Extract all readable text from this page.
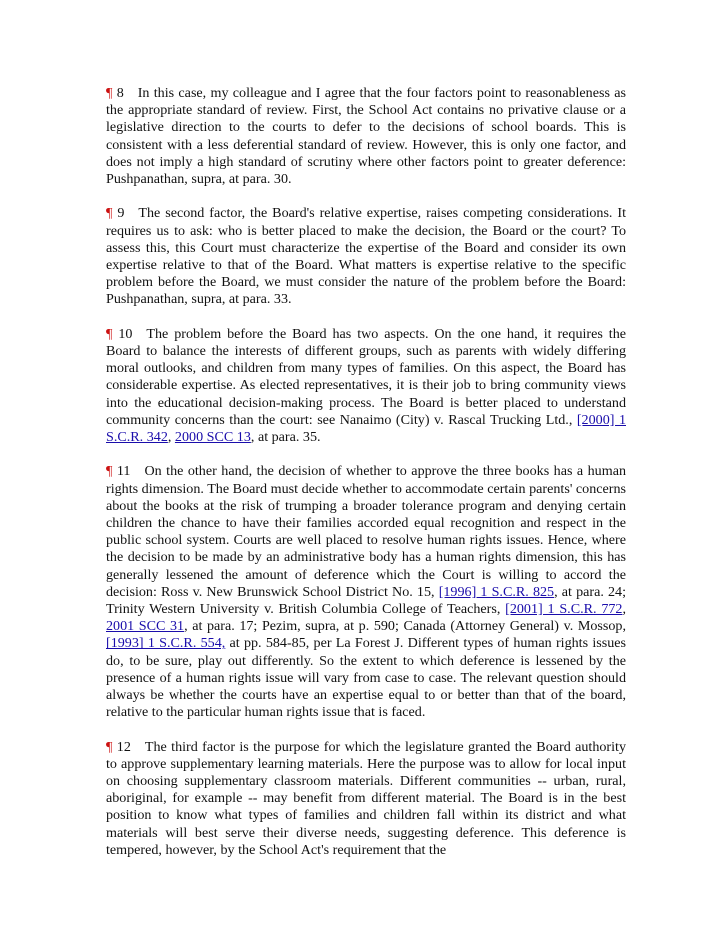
¶ 8 In this case, my colleague and I agree that the four factors point to reasonableness as the appropriate standard of review. First, the School Act contains no privative clause or a legislative direction to the courts to defer to the decisions of school boards. This is consistent with a less deferential standard of review. However, this is only one factor, and does not imply a high standard of scrutiny where other factors point to greater deference: Pushpanathan, supra, at para. 30.

¶ 9 The second factor, the Board's relative expertise, raises competing considerations. It requires us to ask: who is better placed to make the decision, the Board or the court? To assess this, this Court must characterize the expertise of the Board and consider its own expertise relative to that of the Board. What matters is expertise relative to the specific problem before the Board, we must consider the nature of the problem before the Board: Pushpanathan, supra, at para. 33.

¶ 10 The problem before the Board has two aspects. On the one hand, it requires the Board to balance the interests of different groups, such as parents with widely differing moral outlooks, and children from many types of families. On this aspect, the Board has considerable expertise. As elected representatives, it is their job to bring community views into the educational decision-making process. The Board is better placed to understand community concerns than the court: see Nanaimo (City) v. Rascal Trucking Ltd., [2000] 1 S.C.R. 342, 2000 SCC 13, at para. 35.

¶ 11 On the other hand, the decision of whether to approve the three books has a human rights dimension. The Board must decide whether to accommodate certain parents' concerns about the books at the risk of trumping a broader tolerance program and denying certain children the chance to have their families accorded equal recognition and respect in the public school system. Courts are well placed to resolve human rights issues. Hence, where the decision to be made by an administrative body has a human rights dimension, this has generally lessened the amount of deference which the Court is willing to accord the decision: Ross v. New Brunswick School District No. 15, [1996] 1 S.C.R. 825, at para. 24; Trinity Western University v. British Columbia College of Teachers, [2001] 1 S.C.R. 772, 2001 SCC 31, at para. 17; Pezim, supra, at p. 590; Canada (Attorney General) v. Mossop, [1993] 1 S.C.R. 554, at pp. 584-85, per La Forest J. Different types of human rights issues do, to be sure, play out differently. So the extent to which deference is lessened by the presence of a human rights issue will vary from case to case. The relevant question should always be whether the courts have an expertise equal to or better than that of the board, relative to the particular human rights issue that is faced.

¶ 12 The third factor is the purpose for which the legislature granted the Board authority to approve supplementary learning materials. Here the purpose was to allow for local input on choosing supplementary classroom materials. Different communities -- urban, rural, aboriginal, for example -- may benefit from different material. The Board is in the best position to know what types of families and children fall within its district and what materials will best serve their diverse needs, suggesting deference. This deference is tempered, however, by the School Act's requirement that the
